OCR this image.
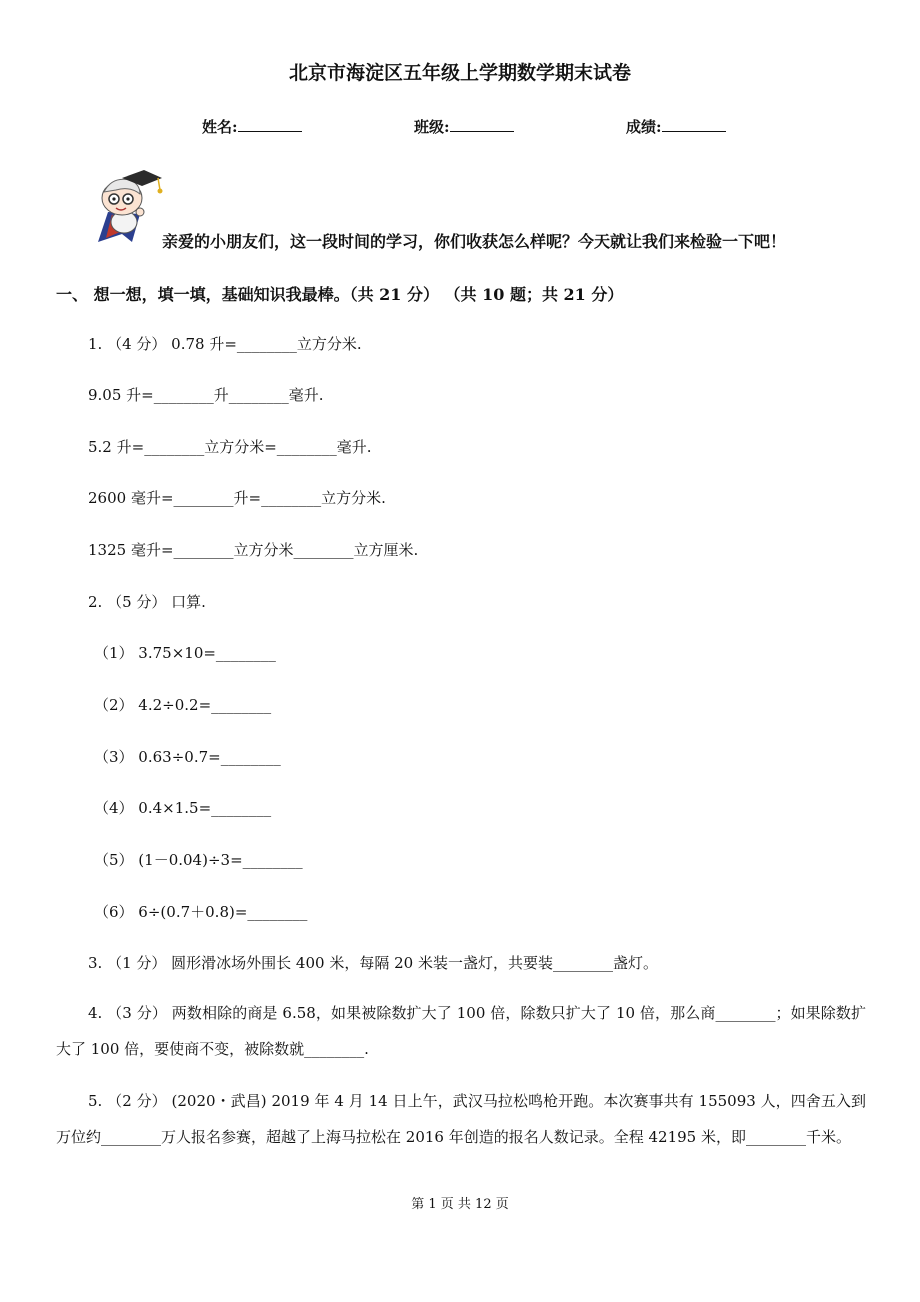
北京市海淀区五年级上学期数学期末试卷
姓名:	班级:	成绩:
亲爱的小朋友们，这一段时间的学习，你们收获怎么样呢？今天就让我们来检验一下吧！
一、 想一想，填一填，基础知识我最棒。（共 21 分） （共 10 题；共 21 分）
1. （4 分） 0.78 升=________立方分米.
9.05 升=________升________毫升.
5.2 升=________立方分米=________毫升.
2600 毫升=________升=________立方分米.
1325 毫升=________立方分米________立方厘米.
2. （5 分） 口算.
（1） 3.75×10=________
（2） 4.2÷0.2=________
（3） 0.63÷0.7=________
（4） 0.4×1.5=________
（5） (1－0.04)÷3=________
（6） 6÷(0.7＋0.8)=________
3. （1 分） 圆形滑冰场外围长 400 米，每隔 20 米装一盏灯，共要装________盏灯。
4. （3 分） 两数相除的商是 6.58，如果被除数扩大了 100 倍，除数只扩大了 10 倍，那么商________；如果除数扩大了 100 倍，要使商不变，被除数就________.
5. （2 分） (2020・武昌) 2019 年 4 月 14 日上午，武汉马拉松鸣枪开跑。本次赛事共有 155093 人，四舍五入到万位约________万人报名参赛，超越了上海马拉松在 2016 年创造的报名人数记录。全程 42195 米，即________千米。
第 1 页 共 12 页
